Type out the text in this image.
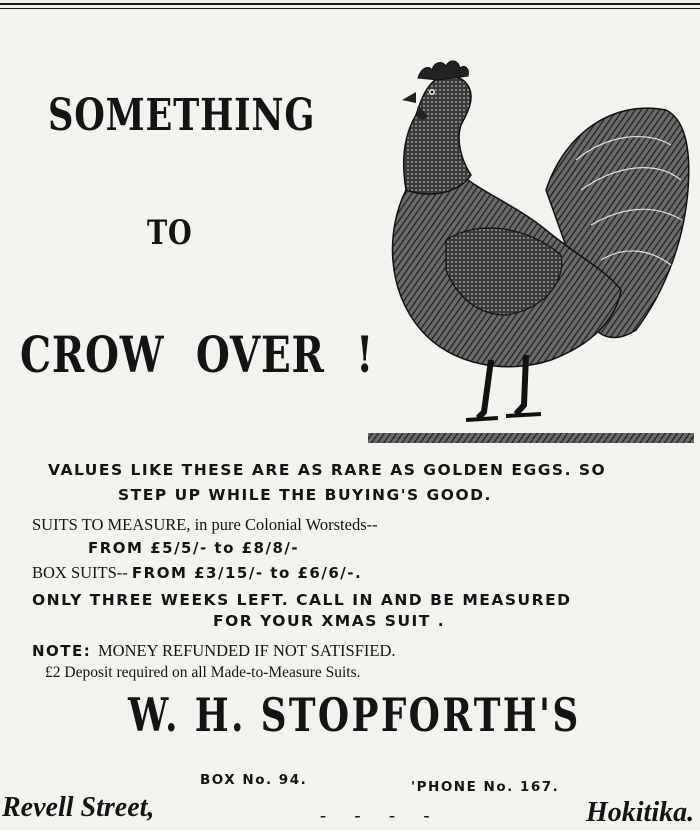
SOMETHING
TO
CROW OVER !
VALUES LIKE THESE ARE AS RARE AS GOLDEN EGGS. SO
STEP UP WHILE THE BUYING'S GOOD.
SUITS TO MEASURE, in pure Colonial Worsteds--
FROM £5/5/- to £8/8/-
BOX SUITS-- FROM £3/15/- to £6/6/-.
ONLY THREE WEEKS LEFT. CALL IN AND BE MEASURED
FOR YOUR XMAS SUIT .
NOTE: MONEY REFUNDED IF NOT SATISFIED.
£2 Deposit required on all Made-to-Measure Suits.
W. H. STOPFORTH'S
BOX No. 94.	'PHONE No. 167.
Revell Street,	- - - -	Hokitika.
